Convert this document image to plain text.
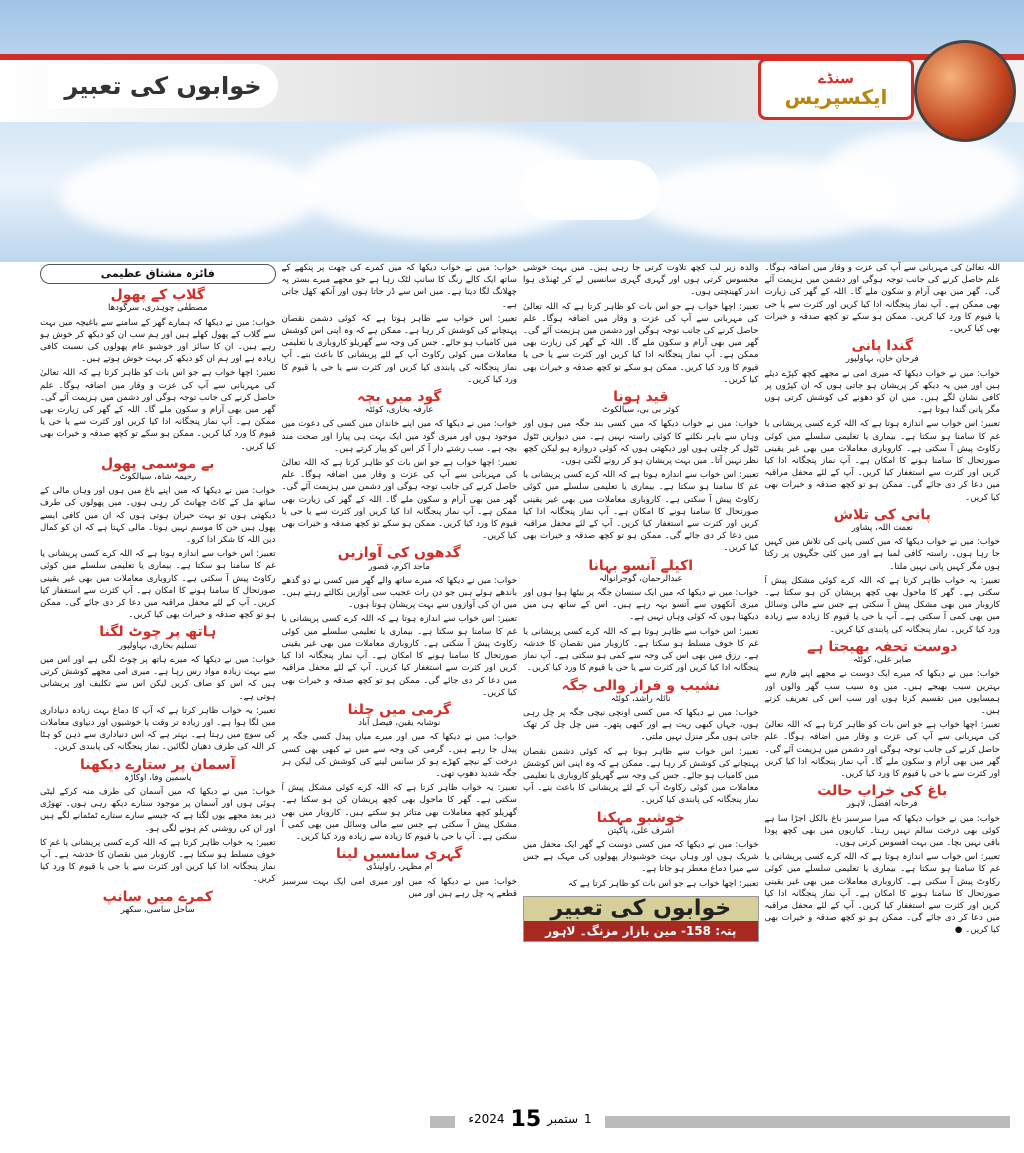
خوابوں کی تعبیر	سنڈے
ایکسپریس
فائزہ مشتاق عظیمی
گلاب کے پھول
مصطفٰی چوہدری، سرگودھا

خواب: میں نے دیکھا کہ ہمارے گھر کے سامنے سے باغیچہ میں بہت سے گلاب کے پھول کھلے ہیں اور ہم سب ان کو دیکھ کر خوش ہو رہے ہیں۔ ان کا سائز اور خوشبو عام پھولوں کی نسبت کافی زیادہ ہے اور ہم ان کو دیکھ کر بہت خوش ہوتے ہیں۔

تعبیر: اچھا خواب ہے جو اس بات کو ظاہر کرتا ہے کہ اللہ تعالیٰ کی مہربانی سے آپ کی عزت و وقار میں اضافہ ہوگا۔ علم حاصل کرنے کی جانب توجہ ہوگی اور دشمن میں ہزیمت آئے گی۔ گھر میں بھی آرام و سکون ملے گا۔ اللہ کے گھر کی زیارت بھی ممکن ہے۔ آپ نماز پنجگانہ ادا کیا کریں اور کثرت سے یا حی یا قیوم کا ورد کیا کریں۔ ممکن ہو سکے تو کچھ صدقہ و خیرات بھی کیا کریں۔

بے موسمی پھول
رحیمہ شاہ، سیالکوٹ

خواب: میں نے دیکھا کہ میں اپنے باغ میں ہوں اور وہاں مالی کے ساتھ مل کے کاٹ چھانٹ کر رہی ہوں۔ میں پھولوں کی طرف دیکھتی ہوں تو بہت حیران ہوتی ہوں کہ ان میں کافی ایسے پھول ہیں جن کا موسم نہیں ہوتا۔ مالی کہتا ہے کہ ان کو کمال دین اللہ کا شکر ادا کرو۔

تعبیر: اس خواب سے اندازہ ہوتا ہے کہ اللہ کرے کسی پریشانی یا غم کا سامنا ہو سکتا ہے۔ بیماری یا تعلیمی سلسلے میں کوئی رکاوٹ پیش آ سکتی ہے۔ کاروباری معاملات میں بھی غیر یقینی صورتحال کا سامنا ہونے کا امکان ہے۔ آپ کثرت سے استغفار کیا کریں۔ آپ کے لئے محفل مراقبہ میں دعا کر دی جائے گی۔ ممکن ہو تو کچھ صدقہ و خیرات بھی کیا کریں۔

ہاتھ پر چوٹ لگنا
تسلیم بخاری، بہاولپور

خواب: میں نے دیکھا کہ میرے ہاتھ پر چوٹ لگی ہے اور اس میں سے بہت زیادہ مواد رس رہا ہے۔ میری امی مجھے کوشش کرتی ہیں کہ اس کو صاف کریں لیکن اس سے تکلیف اور پریشانی ہوتی ہے۔

تعبیر: یہ خواب ظاہر کرتا ہے کہ آپ کا دماغ بہت زیادہ دنیاداری میں لگا ہوا ہے۔ اور زیادہ تر وقت یا خوشیوں اور دنیاوی معاملات کی سوچ میں رہتا ہے۔ بہتر ہے کہ اس دنیاداری سے ذہن کو ہٹا کر اللہ کی طرف دھیان لگائیں۔ نماز پنجگانہ کی پابندی کریں۔

آسمان پر ستارے دیکھنا
یاسمین وفا، اوکاڑہ

خواب: میں نے دیکھا کہ میں آسمان کی طرف منہ کرکے لیٹی ہوئی ہوں اور آسمان پر موجود ستارے دیکھ رہی ہوں۔ تھوڑی دیر بعد مجھے یوں لگتا ہے کہ جیسے سارے ستارے ٹمٹمانے لگے ہیں اور ان کی روشنی کم ہونے لگی ہو۔

تعبیر: یہ خواب ظاہر کرتا ہے کہ اللہ کرے کسی پریشانی یا غم کا خوف مسلط ہو سکتا ہے۔ کاروبار میں نقصان کا خدشہ ہے۔ آپ نماز پنجگانہ ادا کیا کریں اور کثرت سے یا حی یا قیوم کا ورد کیا کریں۔

کمرے میں سانپ
ساحل ساسی، سکھر

خواب: میں نے خواب دیکھا کہ میں کمرے کی چھت پر پنکھے کے ساتھ ایک کالے رنگ کا سانپ لٹک رہا ہے جو مجھے میرے بستر پہ چھلانگ لگا دیتا ہے۔ میں اس سے ڈر جاتا ہوں اور آنکھ کھل جاتی ہے۔

تعبیر: اس خواب سے ظاہر ہوتا ہے کہ کوئی دشمن نقصان پہنچانے کی کوشش کر رہا ہے۔ ممکن ہے کہ وہ اپنی اس کوشش میں کامیاب ہو جائے۔ جس کی وجہ سے گھریلو کاروباری یا تعلیمی معاملات میں کوئی رکاوٹ آپ کے لئے پریشانی کا باعث بنے۔ آپ نماز پنجگانہ کی پابندی کیا کریں اور کثرت سے یا حی یا قیوم کا ورد کیا کریں۔

گود میں بچہ
عارفہ بخاری، کوئٹہ

خواب: میں نے دیکھا کہ میں اپنے خاندان میں کسی کی دعوت میں موجود ہوں اور میری گود میں ایک بہت ہی پیارا اور صحت مند بچہ ہے۔ سب رشتے دار آ کر اس کو پیار کرتے ہیں۔

تعبیر: اچھا خواب ہے جو اس بات کو ظاہر کرتا ہے کہ اللہ تعالیٰ کی مہربانی سے آپ کی عزت و وقار میں اضافہ ہوگا۔ علم حاصل کرنے کی جانب توجہ ہوگی اور دشمن میں ہزیمت آئے گی۔ گھر میں بھی آرام و سکون ملے گا۔ اللہ کے گھر کی زیارت بھی ممکن ہے۔ آپ نماز پنجگانہ ادا کیا کریں اور کثرت سے یا حی یا قیوم کا ورد کیا کریں۔ ممکن ہو سکے تو کچھ صدقہ و خیرات بھی کیا کریں۔

گدھوں کی آوازیں
ماجد اکرم، قصور

خواب: میں نے دیکھا کہ میرے ساتھ والے گھر میں کسی نے دو گدھے باندھے ہوئے ہیں جو دن رات عجیب سی آوازیں نکالتے رہتے ہیں۔ میں ان کی آوازوں سے بہت پریشان ہوتا ہوں۔

تعبیر: اس خواب سے اندازہ ہوتا ہے کہ اللہ کرے کسی پریشانی یا غم کا سامنا ہو سکتا ہے۔ بیماری یا تعلیمی سلسلے میں کوئی رکاوٹ پیش آ سکتی ہے۔ کاروباری معاملات میں بھی غیر یقینی صورتحال کا سامنا ہونے کا امکان ہے۔ آپ نماز پنجگانہ ادا کیا کریں اور کثرت سے استغفار کیا کریں۔ آپ کے لئے محفل مراقبہ میں دعا کر دی جائے گی۔ ممکن ہو تو کچھ صدقہ و خیرات بھی کیا کریں۔

گرمی میں چلنا
نوشابہ یقین، فیصل آباد

خواب: میں نے دیکھا کہ میں اور میرے میاں پیدل کسی جگہ پر پیدل جا رہے ہیں۔ گرمی کی وجہ سے میں نے کبھی بھی کسی درخت کے نیچے کھڑے ہو کر سانس لینے کی کوشش کی لیکن ہر جگہ شدید دھوپ تھی۔

تعبیر: یہ خواب ظاہر کرتا ہے کہ اللہ کرے کوئی مشکل پیش آ سکتی ہے۔ گھر کا ماحول بھی کچھ پریشان کن ہو سکتا ہے۔ گھریلو کچھ معاملات بھی متاثر ہو سکتے ہیں۔ کاروبار میں بھی مشکل پیش آ سکتی ہے جس سے مالی وسائل میں بھی کمی آ سکتی ہے۔ آپ یا حی یا قیوم کا زیادہ سے زیادہ ورد کیا کریں۔

گہری سانسیں لینا
ام مظہر، راولپنڈی

خواب: میں نے دیکھا کہ میں اور میری امی ایک بہت سرسبز قطعے پہ چل رہے ہیں اور میں

والدہ زیر لب کچھ تلاوت کرتی جا رہی ہیں۔ میں بہت خوشی محسوس کرتی ہوں اور گہری گہری سانسیں لے کر ٹھنڈی ہوا اندر کھینچتی ہوں۔

تعبیر: اچھا خواب ہے جو اس بات کو ظاہر کرتا ہے کہ اللہ تعالیٰ کی مہربانی سے آپ کی عزت و وقار میں اضافہ ہوگا۔ علم حاصل کرنے کی جانب توجہ ہوگی اور دشمن میں ہزیمت آئے گی۔ گھر میں بھی آرام و سکون ملے گا۔ اللہ کے گھر کی زیارت بھی ممکن ہے۔ آپ نماز پنجگانہ ادا کیا کریں اور کثرت سے یا حی یا قیوم کا ورد کیا کریں۔ ممکن ہو سکے تو کچھ صدقہ و خیرات بھی کیا کریں۔

قید ہونا
کوثر بی بی، سیالکوٹ

خواب: میں نے خواب دیکھا کہ میں کسی بند جگہ میں ہوں اور وہاں سے باہر نکلنے کا کوئی راستہ نہیں ہے۔ میں دیواریں ٹٹول ٹٹول کر چلتی ہوں اور دیکھتی ہوں کہ کوئی دروازہ ہو لیکن کچھ نظر نہیں آتا۔ میں بہت پریشان ہو کر رونے لگتی ہوں۔

تعبیر: اس خواب سے اندازہ ہوتا ہے کہ اللہ کرے کسی پریشانی یا غم کا سامنا ہو سکتا ہے۔ بیماری یا تعلیمی سلسلے میں کوئی رکاوٹ پیش آ سکتی ہے۔ کاروباری معاملات میں بھی غیر یقینی صورتحال کا سامنا ہونے کا امکان ہے۔ آپ نماز پنجگانہ ادا کیا کریں اور کثرت سے استغفار کیا کریں۔ آپ کے لئے محفل مراقبہ میں دعا کر دی جائے گی۔ ممکن ہو تو کچھ صدقہ و خیرات بھی کیا کریں۔

اکیلے آنسو بہانا
عبدالرحمان، گوجرانوالہ

خواب: میں نے دیکھا کہ میں ایک سنسان جگہ پر بیٹھا ہوا ہوں اور میری آنکھوں سے آنسو بہہ رہے ہیں۔ اس کے ساتھ ہی میں دیکھتا ہوں کہ کوئی وہاں نہیں ہے۔

تعبیر: اس خواب سے ظاہر ہوتا ہے کہ اللہ کرے کسی پریشانی یا غم کا خوف مسلط ہو سکتا ہے۔ کاروبار میں نقصان کا خدشہ ہے۔ رزق میں بھی اس کی وجہ سے کمی ہو سکتی ہے۔ آپ نماز پنجگانہ ادا کیا کریں اور کثرت سے یا حی یا قیوم کا ورد کیا کریں۔

نشیب و فراز والی جگہ
نائلہ راشد، کوئٹہ

خواب: میں نے دیکھا کہ میں کسی اونچی نیچی جگہ پر چل رہی ہوں، جہاں کبھی ریت ہے اور کبھی پتھر۔ میں چل چل کر تھک جاتی ہوں مگر منزل نہیں ملتی۔

تعبیر: اس خواب سے ظاہر ہوتا ہے کہ کوئی دشمن نقصان پہنچانے کی کوشش کر رہا ہے۔ ممکن ہے کہ وہ اپنی اس کوشش میں کامیاب ہو جائے۔ جس کی وجہ سے گھریلو کاروباری یا تعلیمی معاملات میں کوئی رکاوٹ آپ کے لئے پریشانی کا باعث بنے۔ آپ نماز پنجگانہ کی پابندی کیا کریں۔

خوشبو مہکنا
اشرف علی، پاکپتن

خواب: میں نے دیکھا کہ میں کسی دوست کے گھر ایک محفل میں شریک ہوں اور وہاں بہت خوشبودار پھولوں کی مہک ہے جس سے میرا دماغ معطر ہو جاتا ہے۔

تعبیر: اچھا خواب ہے جو اس بات کو ظاہر کرتا ہے کہ

خوابوں کی تعبیر
پتہ: 158- مین بازار مزنگ۔ لاہور

اللہ تعالیٰ کی مہربانی سے آپ کی عزت و وقار میں اضافہ ہوگا۔ علم حاصل کرنے کی جانب توجہ ہوگی اور دشمن میں ہزیمت آئے گی۔ گھر میں بھی آرام و سکون ملے گا۔ اللہ کے گھر کی زیارت بھی ممکن ہے۔ آپ نماز پنجگانہ ادا کیا کریں اور کثرت سے یا حی یا قیوم کا ورد کیا کریں۔ ممکن ہو سکے تو کچھ صدقہ و خیرات بھی کیا کریں۔

گندا پانی
فرحان خان، بہاولپور

خواب: میں نے خواب دیکھا کہ میری امی نے مجھے کچھ کپڑے دیئے ہیں اور میں یہ دیکھ کر پریشان ہو جاتی ہوں کہ ان کپڑوں پر کافی نشان لگے ہیں۔ میں ان کو دھونے کی کوشش کرتی ہوں مگر پانی گندا ہوتا ہے۔

تعبیر: اس خواب سے اندازہ ہوتا ہے کہ اللہ کرے کسی پریشانی یا غم کا سامنا ہو سکتا ہے۔ بیماری یا تعلیمی سلسلے میں کوئی رکاوٹ پیش آ سکتی ہے۔ کاروباری معاملات میں بھی غیر یقینی صورتحال کا سامنا ہونے کا امکان ہے۔ آپ نماز پنجگانہ ادا کیا کریں اور کثرت سے استغفار کیا کریں۔ آپ کے لئے محفل مراقبہ میں دعا کر دی جائے گی۔ ممکن ہو تو کچھ صدقہ و خیرات بھی کیا کریں۔

پانی کی تلاش
نعمت اللہ، پشاور

خواب: میں نے خواب دیکھا کہ میں کسی پانی کی تلاش میں کہیں جا رہا ہوں۔ راستہ کافی لمبا ہے اور میں کئی جگہوں پر رکتا ہوں مگر کہیں پانی نہیں ملتا۔

تعبیر: یہ خواب ظاہر کرتا ہے کہ اللہ کرے کوئی مشکل پیش آ سکتی ہے۔ گھر کا ماحول بھی کچھ پریشان کن ہو سکتا ہے۔ کاروبار میں بھی مشکل پیش آ سکتی ہے جس سے مالی وسائل میں بھی کمی آ سکتی ہے۔ آپ یا حی یا قیوم کا زیادہ سے زیادہ ورد کیا کریں۔ نماز پنجگانہ کی پابندی کیا کریں۔

دوست تحفہ بھیجتا ہے
صابر علی، کوئٹہ

خواب: میں نے دیکھا کہ میرے ایک دوست نے مجھے اپنے فارم سے بہترین سیب بھیجے ہیں۔ میں وہ سیب سب گھر والوں اور ہمسایوں میں تقسیم کرتا ہوں اور سب اس کی تعریف کرتے ہیں۔

تعبیر: اچھا خواب ہے جو اس بات کو ظاہر کرتا ہے کہ اللہ تعالیٰ کی مہربانی سے آپ کی عزت و وقار میں اضافہ ہوگا۔ علم حاصل کرنے کی جانب توجہ ہوگی اور دشمن میں ہزیمت آئے گی۔ گھر میں بھی آرام و سکون ملے گا۔ آپ نماز پنجگانہ ادا کیا کریں اور کثرت سے یا حی یا قیوم کا ورد کیا کریں۔

باغ کی خراب حالت
فرحانہ افضل، لاہور

خواب: میں نے خواب دیکھا کہ میرا سرسبز باغ بالکل اجڑا سا ہے کوئی بھی درخت سالم نہیں رہتا۔ کیاریوں میں بھی کچھ پودا باقی نہیں بچا۔ میں بہت افسوس کرتی ہوں۔

تعبیر: اس خواب سے اندازہ ہوتا ہے کہ اللہ کرے کسی پریشانی یا غم کا سامنا ہو سکتا ہے۔ بیماری یا تعلیمی سلسلے میں کوئی رکاوٹ پیش آ سکتی ہے۔ کاروباری معاملات میں بھی غیر یقینی صورتحال کا سامنا ہونے کا امکان ہے۔ آپ نماز پنجگانہ ادا کیا کریں اور کثرت سے استغفار کیا کریں۔ آپ کے لئے محفل مراقبہ میں دعا کر دی جائے گی۔ ممکن ہو تو کچھ صدقہ و خیرات بھی کیا کریں۔ ●

1
ستمبر
15
2024ء
